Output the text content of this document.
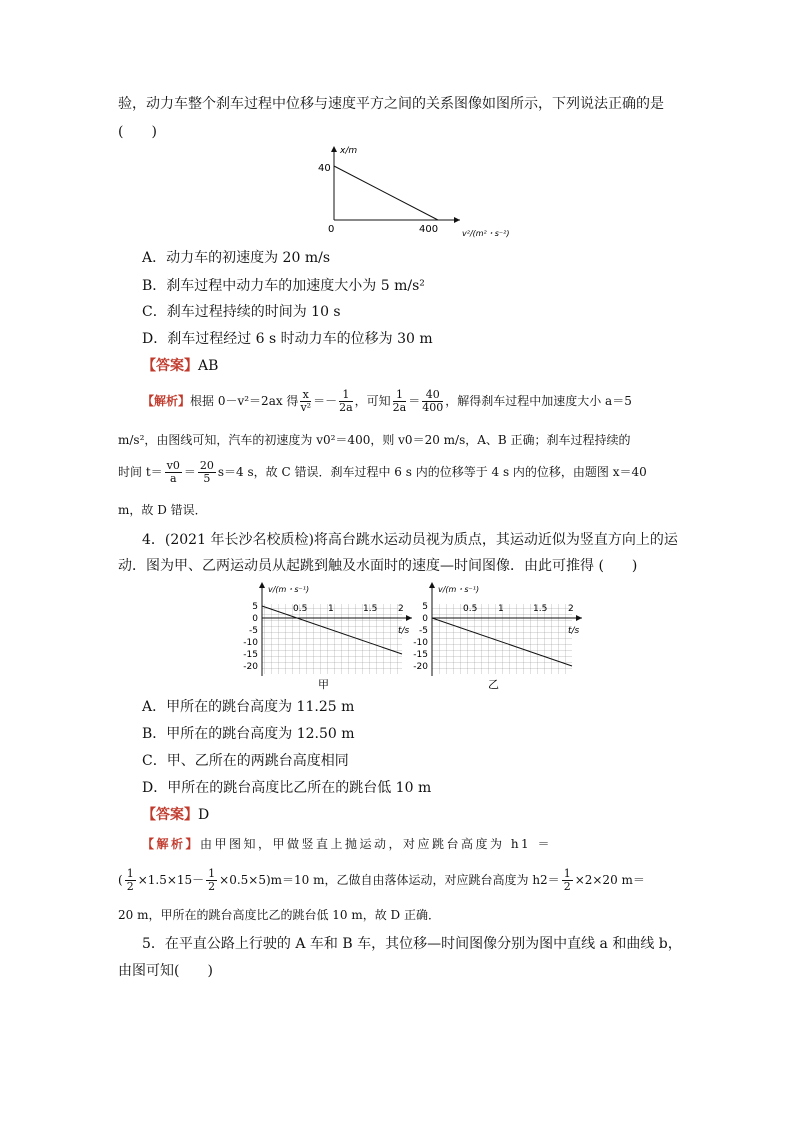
验，动力车整个刹车过程中位移与速度平方之间的关系图像如图所示，下列说法正确的是
(　　)
x/m
v²/(m²・s⁻²)
40
0	400
A．动力车的初速度为 20 m/s
B．刹车过程中动力车的加速度大小为 5 m/s²
C．刹车过程持续的时间为 10 s
D．刹车过程经过 6 s 时动力车的位移为 30 m
【答案】AB
【解析】根据 0－v²＝2ax 得 $\frac{x}{\text{v²}} =- \frac{1}{2a}$ ，可知 $\frac{1}{2a} = \frac{40}{400}$ ，解得刹车过程中加速度大小 a＝5
m/s²，由图线可知，汽车的初速度为 v0²＝400，则 v0＝20 m/s，A、B 正确；刹车过程持续的
时间 $t= \frac{v0}{a} = \frac{20}{5} s=4$ s，故 C 错误．刹车过程中 6 s 内的位移等于 4 s 内的位移，由题图 x＝40
m，故 D 错误．
4．(2021 年长沙名校质检)将高台跳水运动员视为质点，其运动近似为竖直方向上的运
动．图为甲、乙两运动员从起跳到触及水面时的速度—时间图像．由此可推得 (　　)
v/(m・s⁻¹)
t/s
0.5 1	1.5 2
5
0
-5
-10
-15
-20
甲
v/(m・s⁻¹)
t/s
0.5 1	1.5 2
5
0
-5
-10
-15
-20
乙
A．甲所在的跳台高度为 11.25 m
B．甲所在的跳台高度为 12.50 m
C．甲、乙所在的两跳台高度相同
D．甲所在的跳台高度比乙所在的跳台低 10 m
【答案】D
【解析】由甲图知，甲做竖直上抛运动，对应跳台高度为 h1 ＝
( $\frac{1}{2} \times 1.5\times 15- \frac{1}{2} \times 0.5\times 5)m=10$ m，乙做自由落体运动，对应跳台高度为 $h2= \frac{1}{2} \times 2\times 20$ m＝
20 m，甲所在的跳台高度比乙的跳台低 10 m，故 D 正确．
5．在平直公路上行驶的 A 车和 B 车，其位移—时间图像分别为图中直线 a 和曲线 b，
由图可知(　　)
